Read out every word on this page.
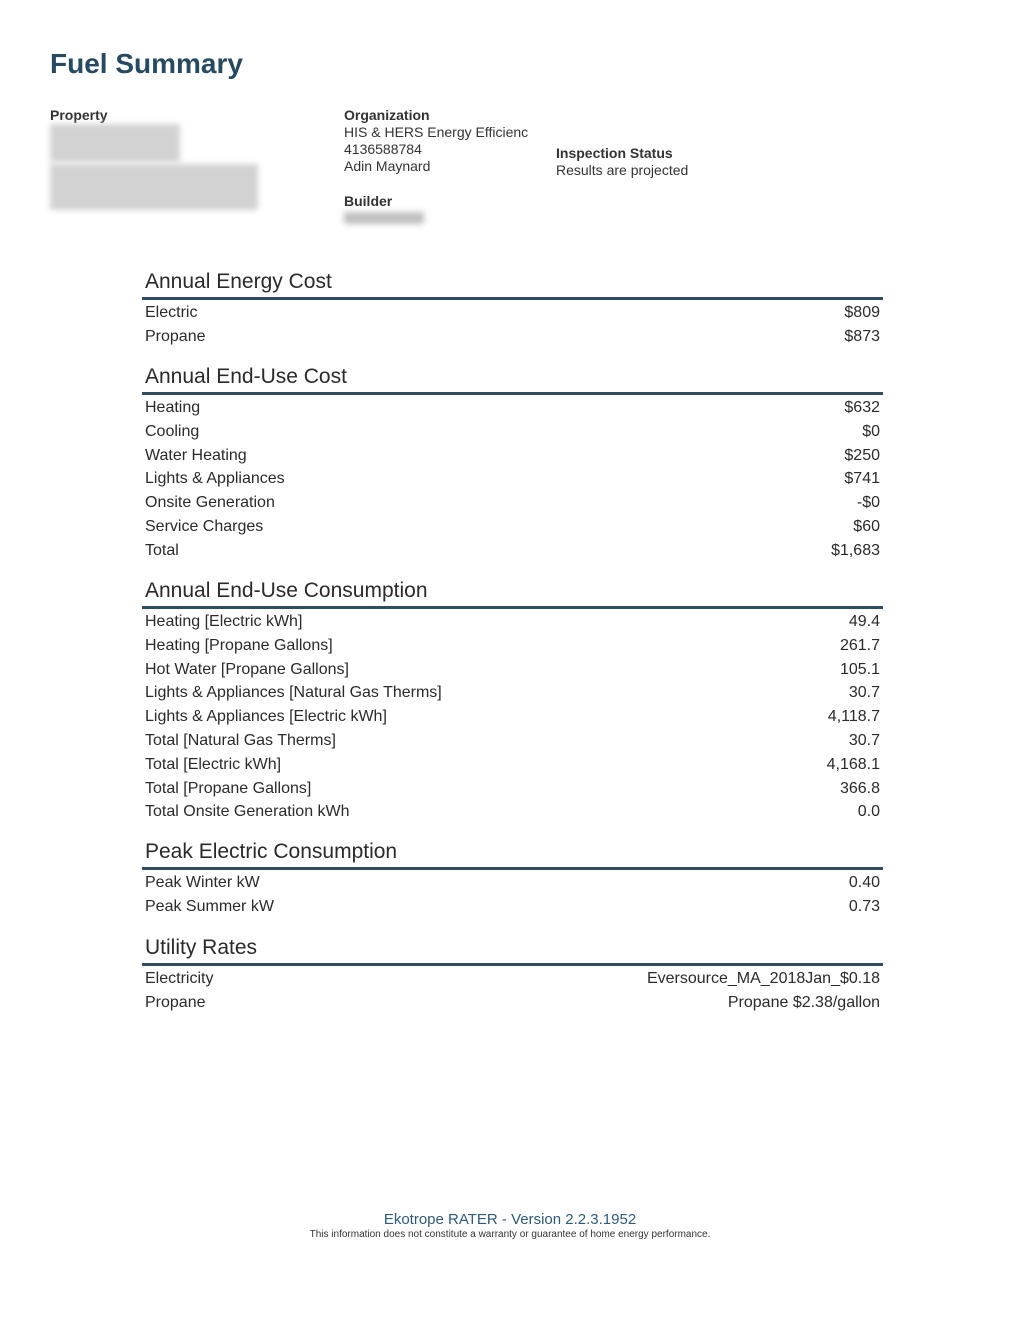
Fuel Summary
Property	Organization
HIS & HERS Energy Efficienc
4136588784
Adin Maynard
Inspection Status
Results are projected
Builder
Annual Energy Cost
Electric	$809
Propane	$873
Annual End-Use Cost
Heating	$632
Cooling	$0
Water Heating	$250
Lights & Appliances	$741
Onsite Generation	-$0
Service Charges	$60
Total	$1,683
Annual End-Use Consumption
Heating [Electric kWh]	49.4
Heating [Propane Gallons]	261.7
Hot Water [Propane Gallons]	105.1
Lights & Appliances [Natural Gas Therms]	30.7
Lights & Appliances [Electric kWh]	4,118.7
Total [Natural Gas Therms]	30.7
Total [Electric kWh]	4,168.1
Total [Propane Gallons]	366.8
Total Onsite Generation kWh	0.0
Peak Electric Consumption
Peak Winter kW	0.40
Peak Summer kW	0.73
Utility Rates
Electricity	Eversource_MA_2018Jan_$0.18
Propane	Propane $2.38/gallon
Ekotrope RATER - Version 2.2.3.1952
This information does not constitute a warranty or guarantee of home energy performance.
